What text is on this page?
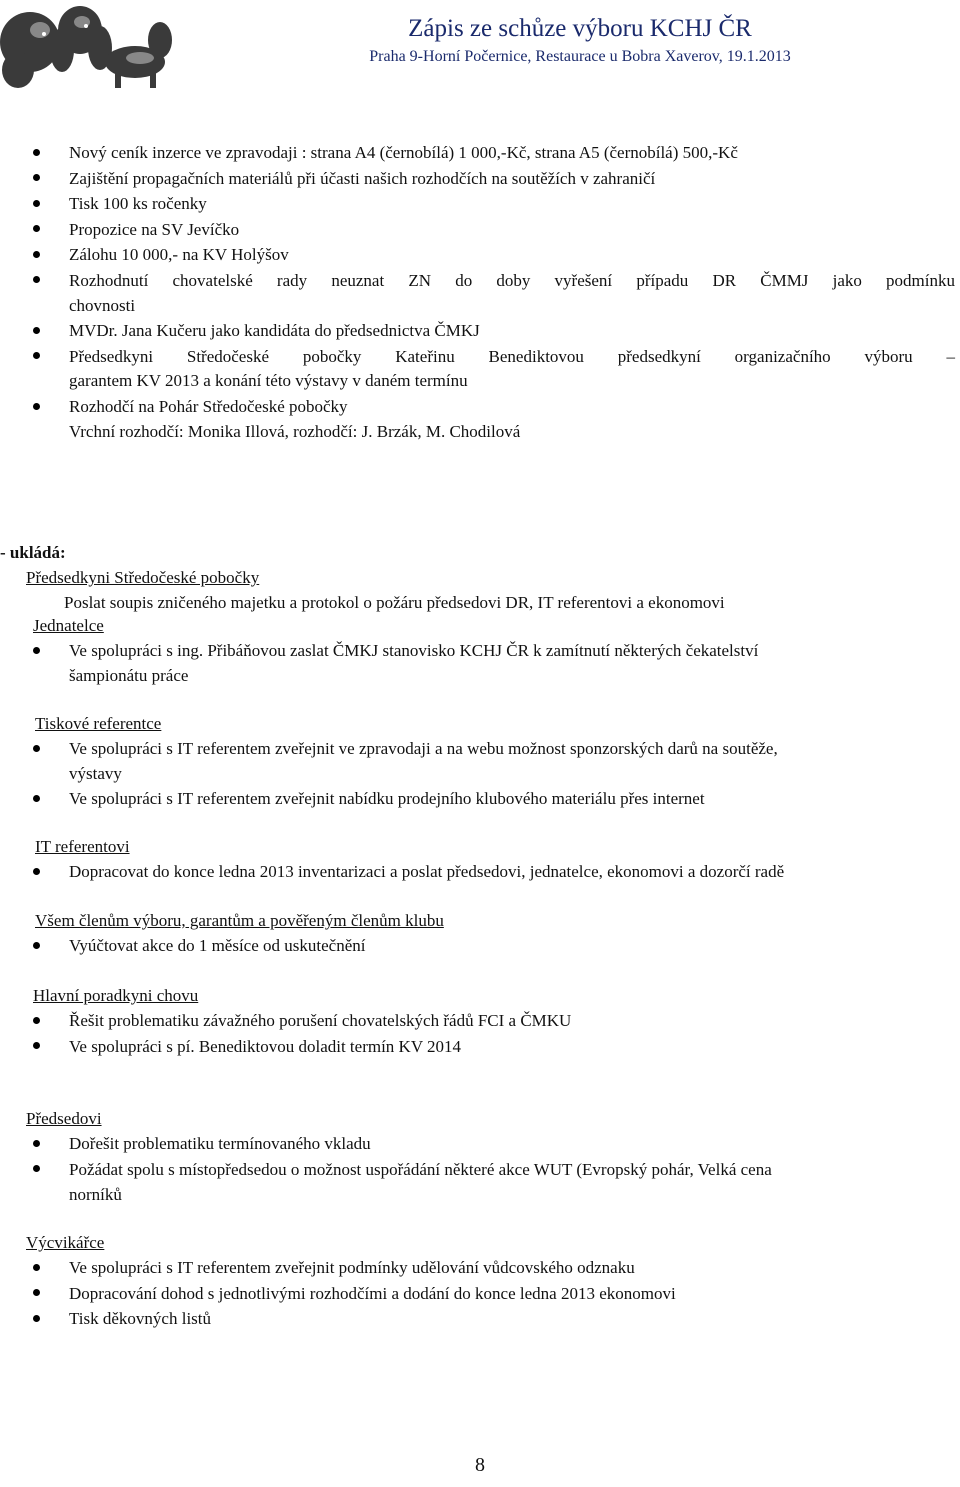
Zápis ze schůze výboru KCHJ ČR
Praha 9-Horní Počernice, Restaurace u Bobra Xaverov, 19.1.2013
Nový ceník inzerce ve zpravodaji : strana A4 (černobílá) 1 000,-Kč, strana A5 (černobílá) 500,-Kč
Zajištění propagačních materiálů při účasti našich rozhodčích na soutěžích v zahraničí
Tisk 100 ks ročenky
Propozice na SV Jevíčko
Zálohu 10 000,- na KV Holýšov
Rozhodnutí chovatelské rady neuznat ZN do doby vyřešení případu DR ČMMJ jako podmínku
chovnosti
MVDr. Jana Kučeru jako kandidáta do předsednictva ČMKJ
Předsedkyni Středočeské pobočky Kateřinu Benediktovou předsedkyní organizačního výboru –
garantem KV 2013 a konání této výstavy v daném termínu
Rozhodčí na Pohár Středočeské pobočky
Vrchní rozhodčí: Monika Illová, rozhodčí: J. Brzák, M. Chodilová
- ukládá:
Předsedkyni Středočeské pobočky
Poslat soupis zničeného majetku a protokol o požáru předsedovi DR, IT referentovi a ekonomovi
Jednatelce
Ve spolupráci s ing. Přibáňovou zaslat ČMKJ stanovisko KCHJ ČR k zamítnutí některých čekatelství
šampionátu práce
Tiskové referentce
Ve spolupráci s IT referentem zveřejnit ve zpravodaji a na webu možnost sponzorských darů na soutěže,
výstavy
Ve spolupráci s IT referentem zveřejnit nabídku prodejního klubového materiálu přes internet
IT referentovi
Dopracovat do konce ledna 2013 inventarizaci a poslat předsedovi, jednatelce, ekonomovi a dozorčí radě
Všem členům výboru, garantům a pověřeným členům klubu
Vyúčtovat akce do 1 měsíce od uskutečnění
Hlavní poradkyni chovu
Řešit problematiku závažného porušení chovatelských řádů FCI a ČMKU
Ve spolupráci s pí. Benediktovou doladit termín KV 2014
Předsedovi
Dořešit problematiku termínovaného vkladu
Požádat spolu s místopředsedou o možnost uspořádání některé akce WUT (Evropský pohár, Velká cena
norníků
Výcvikářce
Ve spolupráci s IT referentem zveřejnit podmínky udělování vůdcovského odznaku
Dopracování dohod s jednotlivými rozhodčími a dodání do konce ledna 2013 ekonomovi
Tisk děkovných listů
8
